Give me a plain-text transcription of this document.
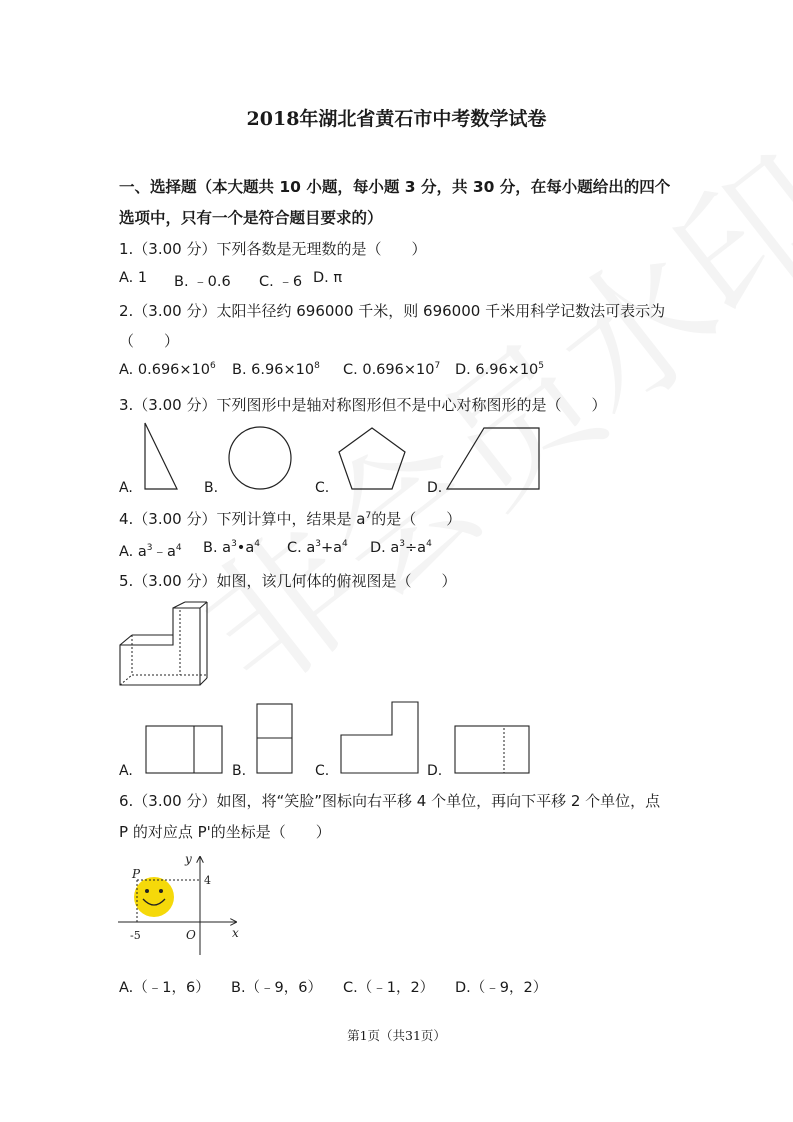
2018年湖北省黄石市中考数学试卷
一、选择题（本大题共 10 小题，每小题 3 分，共 30 分，在每小题给出的四个
选项中，只有一个是符合题目要求的）
1.（3.00 分）下列各数是无理数的是（　　）
A. 1 B. ﹣0.6 C. ﹣6 D. π
2.（3.00 分）太阳半径约 696000 千米，则 696000 千米用科学记数法可表示为
（　　）
A. $0.696\times 10^6$ B. $6.96\times 10^8$ C. $0.696\times 10^7$ D. $6.96\times 10^5$
3.（3.00 分）下列图形中是轴对称图形但不是中心对称图形的是（　　）
A.	B.	C.	D.
4.（3.00 分）下列计算中，结果是 $a^7$的是（　　）
A. $a^3﹣a^4$ B. $a^3•a^4$ C. $a^3+a^4$ D. $a^3\div a^4$
5.（3.00 分）如图，该几何体的俯视图是（　　）
A.	B.	C.	D.
6.（3.00 分）如图，将“笑脸”图标向右平移 4 个单位，再向下平移 2 个单位，点
P 的对应点 P'的坐标是（　　）
P
y
x
O
-5
4
A.（﹣1，6） B.（﹣9，6） C.（﹣1，2） D.（﹣9，2）
第1页（共31页）
